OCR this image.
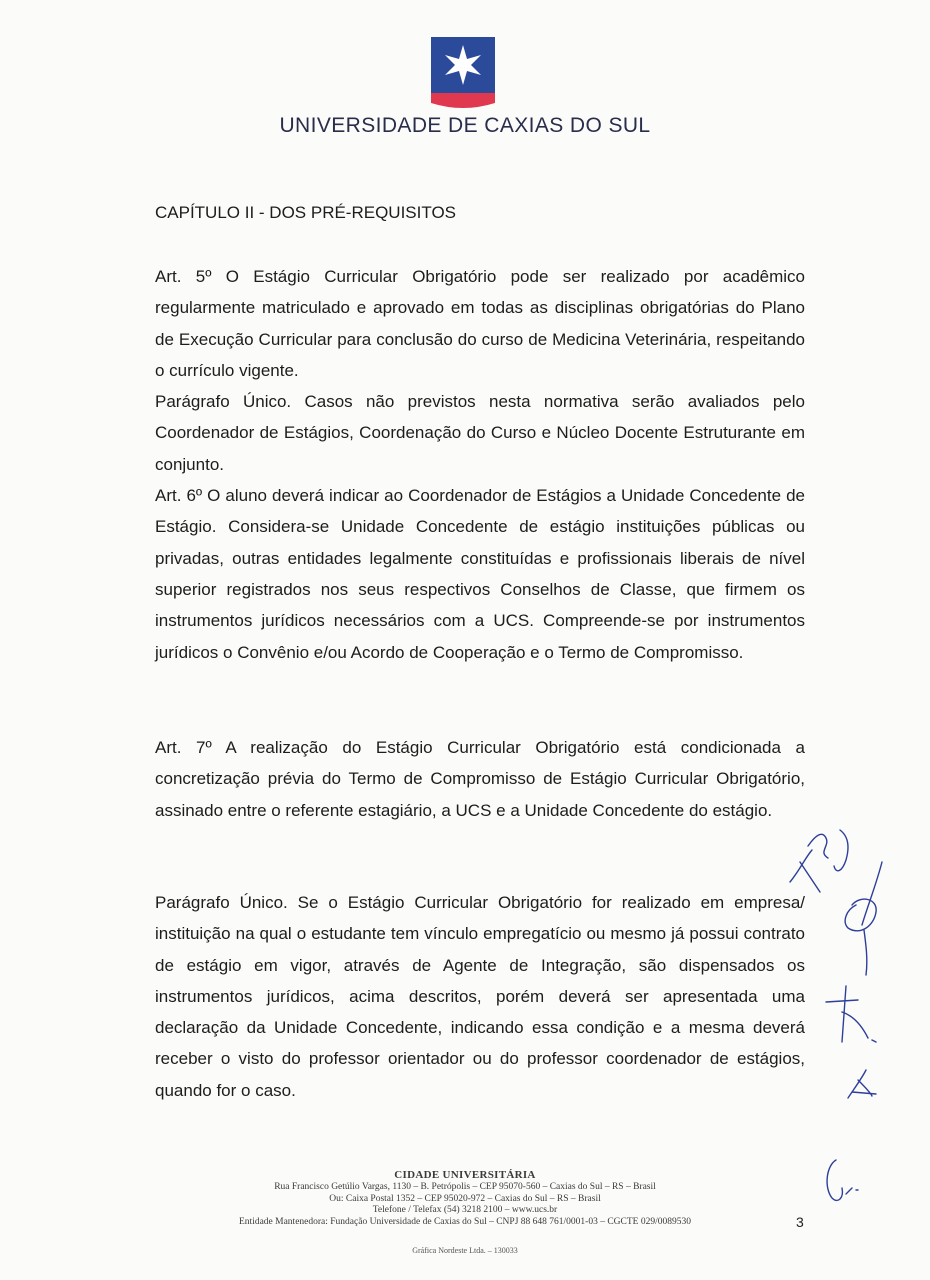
UNIVERSIDADE DE CAXIAS DO SUL
CAPÍTULO II - DOS PRÉ-REQUISITOS

Art. 5º O Estágio Curricular Obrigatório pode ser realizado por acadêmico regularmente matriculado e aprovado em todas as disciplinas obrigatórias do Plano de Execução Curricular para conclusão do curso de Medicina Veterinária, respeitando o currículo vigente.

Parágrafo Único. Casos não previstos nesta normativa serão avaliados pelo Coordenador de Estágios, Coordenação do Curso e Núcleo Docente Estruturante em conjunto.

Art. 6º O aluno deverá indicar ao Coordenador de Estágios a Unidade Concedente de Estágio. Considera-se Unidade Concedente de estágio instituições públicas ou privadas, outras entidades legalmente constituídas e profissionais liberais de nível superior registrados nos seus respectivos Conselhos de Classe, que firmem os instrumentos jurídicos necessários com a UCS. Compreende-se por instrumentos jurídicos o Convênio e/ou Acordo de Cooperação e o Termo de Compromisso.

Art. 7º A realização do Estágio Curricular Obrigatório está condicionada a concretização prévia do Termo de Compromisso de Estágio Curricular Obrigatório, assinado entre o referente estagiário, a UCS e a Unidade Concedente do estágio.

Parágrafo Único. Se o Estágio Curricular Obrigatório for realizado em empresa/ instituição na qual o estudante tem vínculo empregatício ou mesmo já possui contrato de estágio em vigor, através de Agente de Integração, são dispensados os instrumentos jurídicos, acima descritos, porém deverá ser apresentada uma declaração da Unidade Concedente, indicando essa condição e a mesma deverá receber o visto do professor orientador ou do professor coordenador de estágios, quando for o caso.

CIDADE UNIVERSITÁRIA
Rua Francisco Getúlio Vargas, 1130 – B. Petrópolis – CEP 95070-560 – Caxias do Sul – RS – Brasil
Ou: Caixa Postal 1352 – CEP 95020-972 – Caxias do Sul – RS – Brasil
Telefone / Telefax (54) 3218 2100 – www.ucs.br
Entidade Mantenedora: Fundação Universidade de Caxias do Sul – CNPJ 88 648 761/0001-03 – CGCTE 029/0089530	3
Gráfica Nordeste Ltda. – 130033
